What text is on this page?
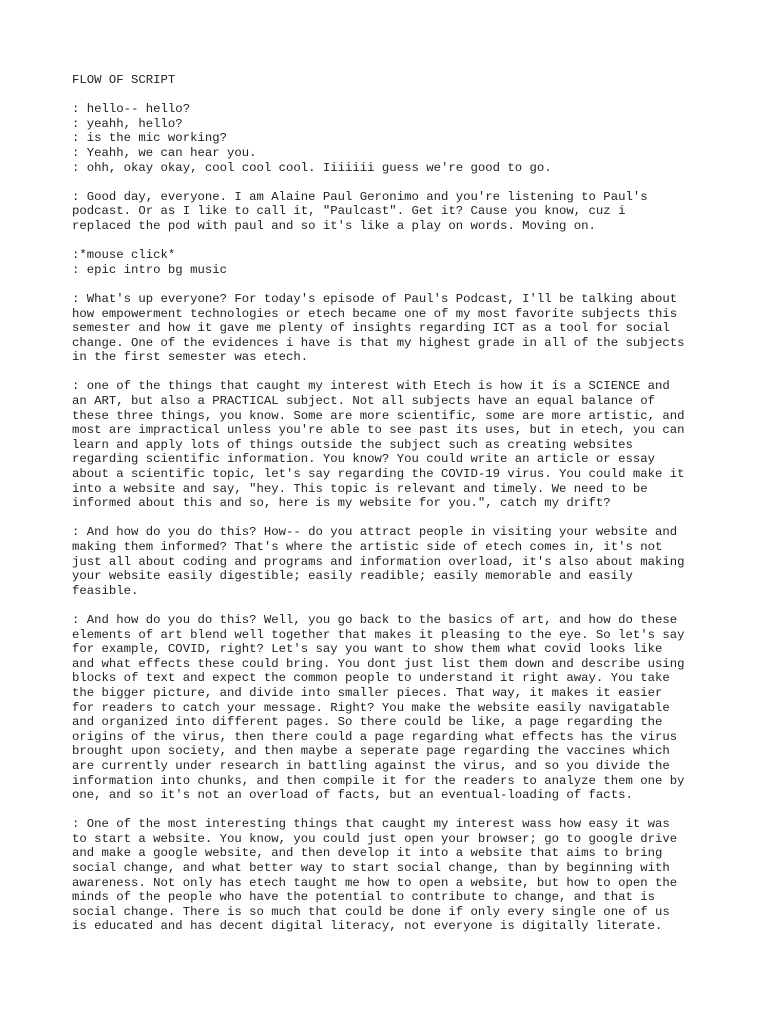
FLOW OF SCRIPT
: hello-- hello?
: yeahh, hello?
: is the mic working?
: Yeahh, we can hear you.
: ohh, okay okay, cool cool cool. Iiiiiii guess we're good to go.
: Good day, everyone. I am Alaine Paul Geronimo and you're listening to Paul's
podcast. Or as I like to call it, "Paulcast". Get it? Cause you know, cuz i
replaced the pod with paul and so it's like a play on words. Moving on.
:*mouse click*
: epic intro bg music
: What's up everyone? For today's episode of Paul's Podcast, I'll be talking about
how empowerment technologies or etech became one of my most favorite subjects this
semester and how it gave me plenty of insights regarding ICT as a tool for social
change. One of the evidences i have is that my highest grade in all of the subjects
in the first semester was etech.
: one of the things that caught my interest with Etech is how it is a SCIENCE and
an ART, but also a PRACTICAL subject. Not all subjects have an equal balance of
these three things, you know. Some are more scientific, some are more artistic, and
most are impractical unless you're able to see past its uses, but in etech, you can
learn and apply lots of things outside the subject such as creating websites
regarding scientific information. You know? You could write an article or essay
about a scientific topic, let's say regarding the COVID-19 virus. You could make it
into a website and say, "hey. This topic is relevant and timely. We need to be
informed about this and so, here is my website for you.", catch my drift?
: And how do you do this? How-- do you attract people in visiting your website and
making them informed? That's where the artistic side of etech comes in, it's not
just all about coding and programs and information overload, it's also about making
your website easily digestible; easily readible; easily memorable and easily
feasible.
: And how do you do this? Well, you go back to the basics of art, and how do these
elements of art blend well together that makes it pleasing to the eye. So let's say
for example, COVID, right? Let's say you want to show them what covid looks like
and what effects these could bring. You dont just list them down and describe using
blocks of text and expect the common people to understand it right away. You take
the bigger picture, and divide into smaller pieces. That way, it makes it easier
for readers to catch your message. Right? You make the website easily navigatable
and organized into different pages. So there could be like, a page regarding the
origins of the virus, then there could a page regarding what effects has the virus
brought upon society, and then maybe a seperate page regarding the vaccines which
are currently under research in battling against the virus, and so you divide the
information into chunks, and then compile it for the readers to analyze them one by
one, and so it's not an overload of facts, but an eventual-loading of facts.
: One of the most interesting things that caught my interest wass how easy it was
to start a website. You know, you could just open your browser; go to google drive
and make a google website, and then develop it into a website that aims to bring
social change, and what better way to start social change, than by beginning with
awareness. Not only has etech taught me how to open a website, but how to open the
minds of the people who have the potential to contribute to change, and that is
social change. There is so much that could be done if only every single one of us
is educated and has decent digital literacy, not everyone is digitally literate.
